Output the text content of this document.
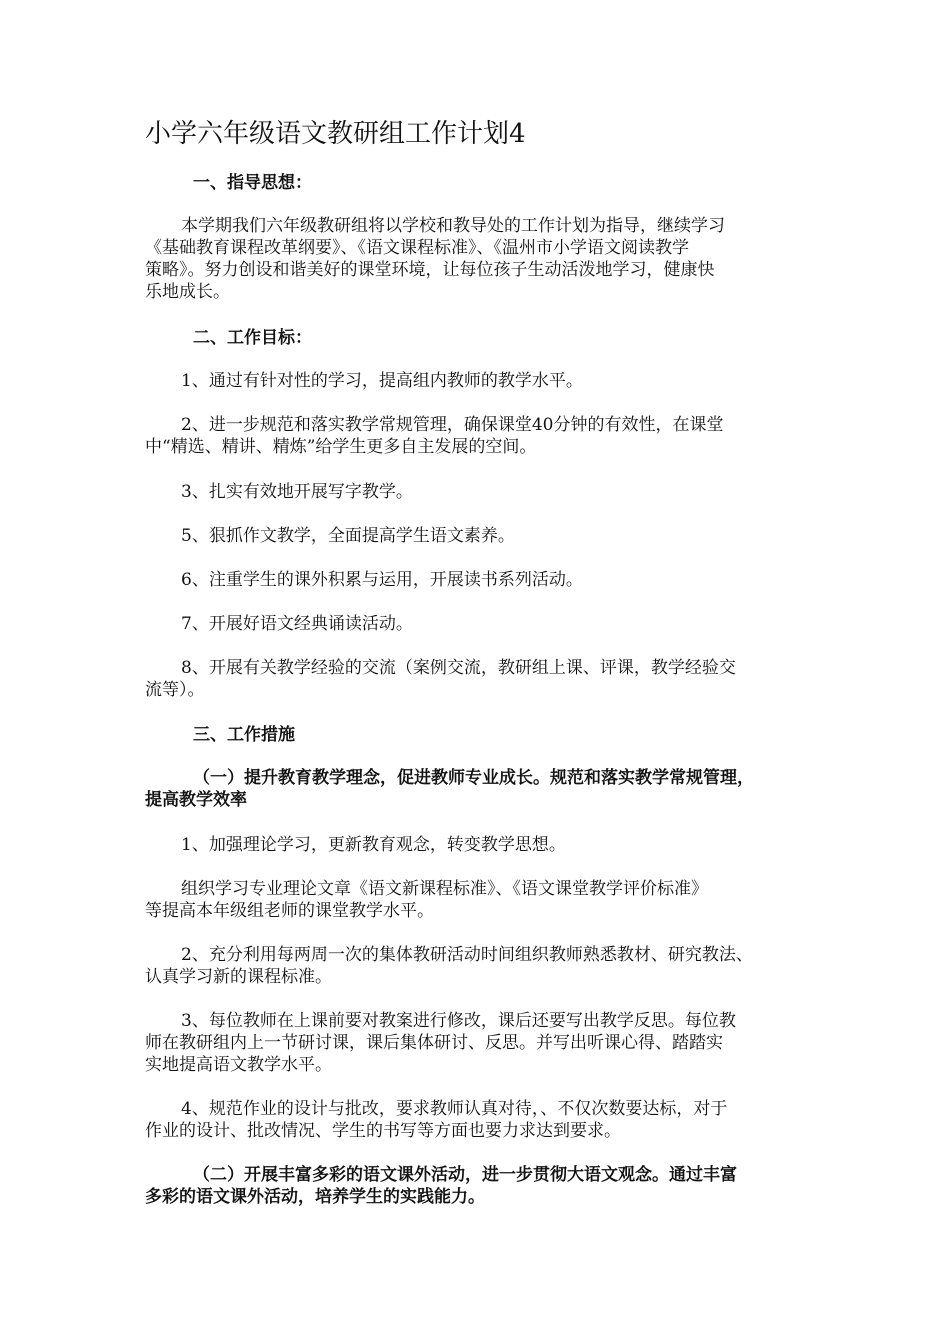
小学六年级语文教研组工作计划4
一、指导思想：
本学期我们六年级教研组将以学校和教导处的工作计划为指导，继续学习
《基础教育课程改革纲要》、《语文课程标准》、《温州市小学语文阅读教学
策略》。努力创设和谐美好的课堂环境，让每位孩子生动活泼地学习，健康快
乐地成长。
二、工作目标：
1、通过有针对性的学习，提高组内教师的教学水平。
2、进一步规范和落实教学常规管理，确保课堂40分钟的有效性，在课堂
中“精选、精讲、精炼”给学生更多自主发展的空间。
3、扎实有效地开展写字教学。
5、狠抓作文教学，全面提高学生语文素养。
6、注重学生的课外积累与运用，开展读书系列活动。
7、开展好语文经典诵读活动。
8、开展有关教学经验的交流（案例交流，教研组上课、评课，教学经验交
流等）。
三、工作措施
（一）提升教育教学理念，促进教师专业成长。规范和落实教学常规管理，
提高教学效率
1、加强理论学习，更新教育观念，转变教学思想。
组织学习专业理论文章《语文新课程标准》、《语文课堂教学评价标准》
等提高本年级组老师的课堂教学水平。
2、充分利用每两周一次的集体教研活动时间组织教师熟悉教材、研究教法、
认真学习新的课程标准。
3、每位教师在上课前要对教案进行修改，课后还要写出教学反思。每位教
师在教研组内上一节研讨课，课后集体研讨、反思。并写出听课心得、踏踏实
实地提高语文教学水平。
4、规范作业的设计与批改，要求教师认真对待，、不仅次数要达标，对于
作业的设计、批改情况、学生的书写等方面也要力求达到要求。
（二）开展丰富多彩的语文课外活动，进一步贯彻大语文观念。通过丰富
多彩的语文课外活动，培养学生的实践能力。
